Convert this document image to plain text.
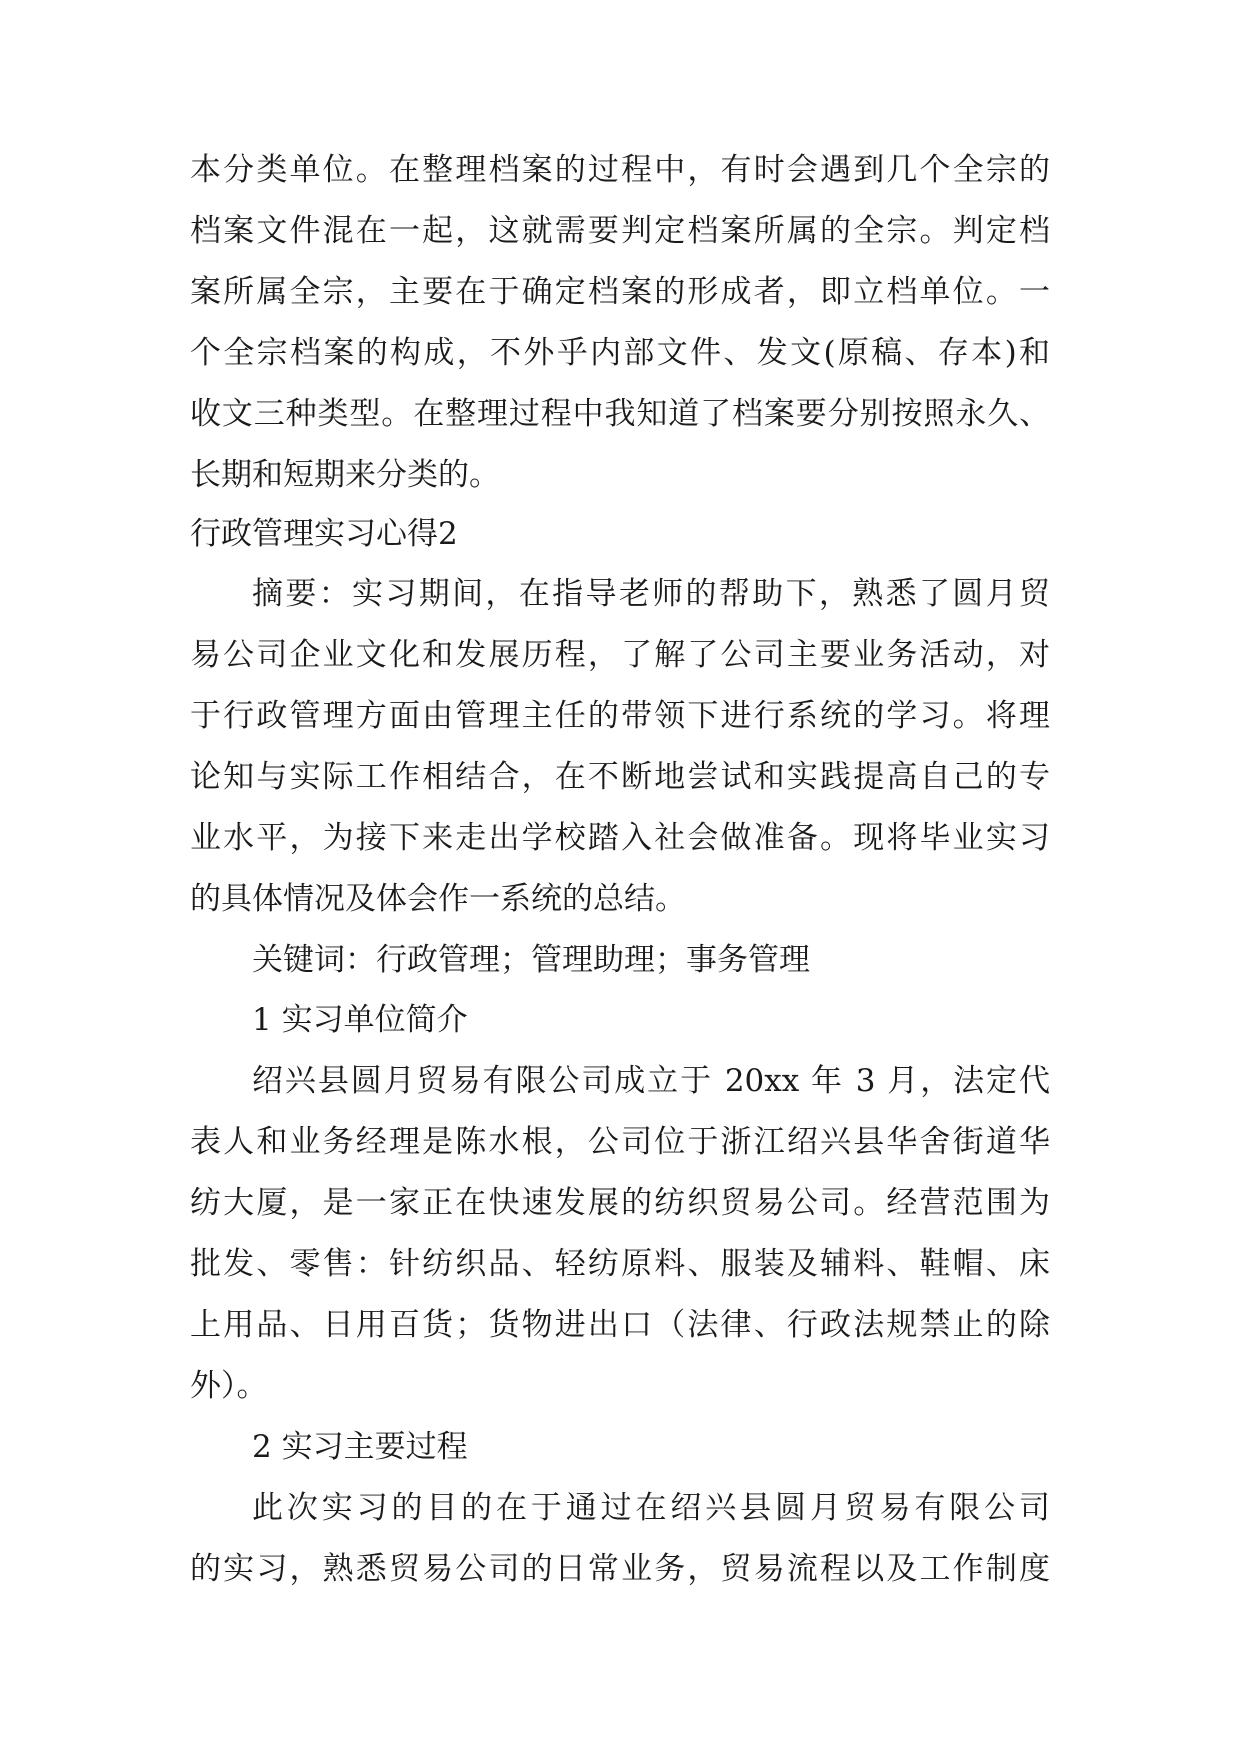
本分类单位。在整理档案的过程中，有时会遇到几个全宗的
档案文件混在一起，这就需要判定档案所属的全宗。判定档
案所属全宗，主要在于确定档案的形成者，即立档单位。一
个全宗档案的构成，不外乎内部文件、发文(原稿、存本)和
收文三种类型。在整理过程中我知道了档案要分别按照永久、
长期和短期来分类的。
行政管理实习心得2
摘要：实习期间，在指导老师的帮助下，熟悉了圆月贸
易公司企业文化和发展历程，了解了公司主要业务活动，对
于行政管理方面由管理主任的带领下进行系统的学习。将理
论知与实际工作相结合，在不断地尝试和实践提高自己的专
业水平，为接下来走出学校踏入社会做准备。现将毕业实习
的具体情况及体会作一系统的总结。
关键词：行政管理；管理助理；事务管理
1 实习单位简介
绍兴县圆月贸易有限公司成立于 20xx 年 3 月，法定代
表人和业务经理是陈水根，公司位于浙江绍兴县华舍街道华
纺大厦，是一家正在快速发展的纺织贸易公司。经营范围为
批发、零售：针纺织品、轻纺原料、服装及辅料、鞋帽、床
上用品、日用百货；货物进出口（法律、行政法规禁止的除
外）。
2 实习主要过程
此次实习的目的在于通过在绍兴县圆月贸易有限公司
的实习，熟悉贸易公司的日常业务，贸易流程以及工作制度
